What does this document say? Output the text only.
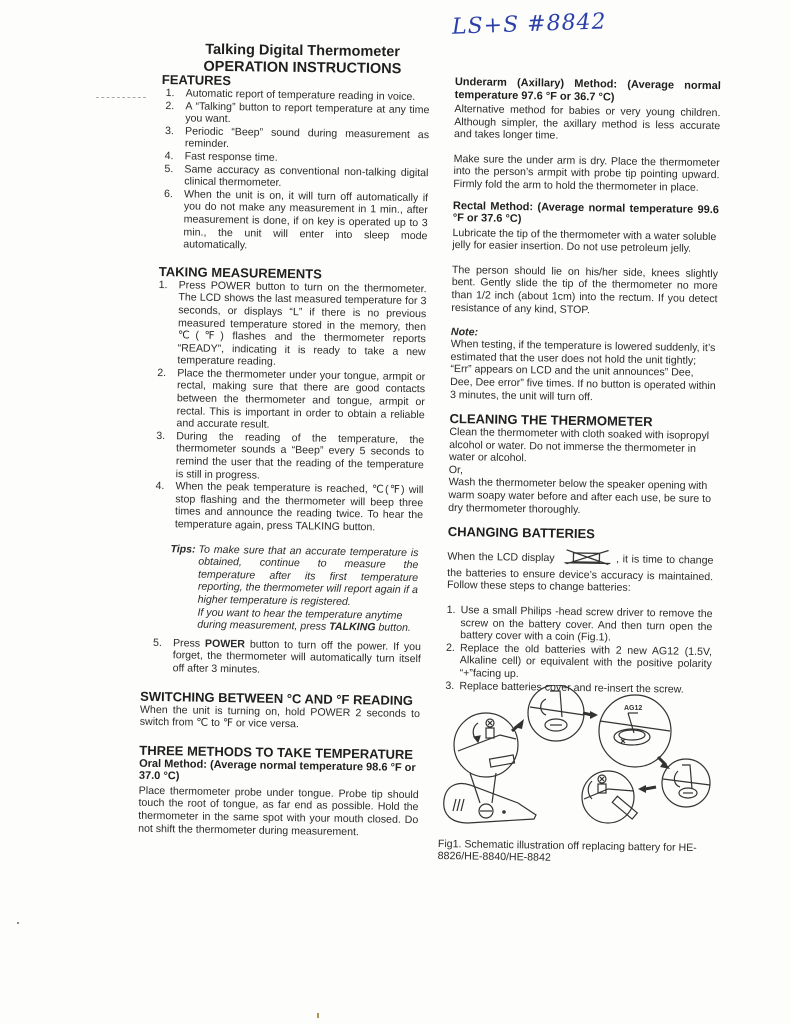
LS+S #8842
Talking Digital Thermometer
OPERATION INSTRUCTIONS
FEATURES
1. Automatic report of temperature reading in voice.
2. A “Talking” button to report temperature at any time you want.
3. Periodic “Beep” sound during measurement as reminder.
4. Fast response time.
5. Same accuracy as conventional non-talking digital clinical thermometer.
6. When the unit is on, it will turn off automatically if you do not make any measurement in 1 min., after measurement is done, if on key is operated up to 3 min., the unit will enter into sleep mode automatically.
TAKING MEASUREMENTS
1. Press POWER button to turn on the thermometer. The LCD shows the last measured temperature for 3 seconds, or displays “L” if there is no previous measured temperature stored in the memory, then ℃(℉) flashes and the thermometer reports “READY”, indicating it is ready to take a new temperature reading.
2. Place the thermometer under your tongue, armpit or rectal, making sure that there are good contacts between the thermometer and tongue, armpit or rectal. This is important in order to obtain a reliable and accurate result.
3. During the reading of the temperature, the thermometer sounds a “Beep” every 5 seconds to remind the user that the reading of the temperature is still in progress.
4. When the peak temperature is reached, ℃(℉) will stop flashing and the thermometer will beep three times and announce the reading twice. To hear the temperature again, press TALKING button.
Tips: To make sure that an accurate temperature is obtained, continue to measure the temperature after its first temperature reporting, the thermometer will report again if a higher temperature is registered.
If you want to hear the temperature anytime during measurement, press TALKING button.
5. Press POWER button to turn off the power. If you forget, the thermometer will automatically turn itself off after 3 minutes.
SWITCHING BETWEEN °C AND °F READING

When the unit is turning on, hold POWER 2 seconds to switch from ℃ to ℉ or vice versa.

THREE METHODS TO TAKE TEMPERATURE
Oral Method: (Average normal temperature 98.6 °F or 37.0 °C)

Place thermometer probe under tongue. Probe tip should touch the root of tongue, as far end as possible. Hold the thermometer in the same spot with your mouth closed. Do not shift the thermometer during measurement.

Underarm (Axillary) Method: (Average normal temperature 97.6 °F or 36.7 °C)

Alternative method for babies or very young children. Although simpler, the axillary method is less accurate and takes longer time.

Make sure the under arm is dry. Place the thermometer into the person’s armpit with probe tip pointing upward. Firmly fold the arm to hold the thermometer in place.

Rectal Method: (Average normal temperature 99.6 °F or 37.6 °C)

Lubricate the tip of the thermometer with a water soluble jelly for easier insertion. Do not use petroleum jelly.

The person should lie on his/her side, knees slightly bent. Gently slide the tip of the thermometer no more than 1/2 inch (about 1cm) into the rectum. If you detect resistance of any kind, STOP.

Note:

When testing, if the temperature is lowered suddenly, it’s estimated that the user does not hold the unit tightly; “Err” appears on LCD and the unit announces” Dee, Dee, Dee error” five times. If no button is operated within 3 minutes, the unit will turn off.

CLEANING THE THERMOMETER

Clean the thermometer with cloth soaked with isopropyl alcohol or water. Do not immerse the thermometer in water or alcohol.

Or,

Wash the thermometer below the speaker opening with warm soapy water before and after each use, be sure to dry thermometer thoroughly.

CHANGING BATTERIES

When the LCD display	, it is time to change the batteries to ensure device’s accuracy is maintained. Follow these steps to change batteries:

1. Use a small Philips -head screw driver to remove the screw on the battery cover. And then turn open the battery cover with a coin (Fig.1).
2. Replace the old batteries with 2 new AG12 (1.5V, Alkaline cell) or equivalent with the positive polarity “+”facing up.
3. Replace batteries cover and re-insert the screw.
AG12
Fig1. Schematic illustration off replacing battery for HE-8826/HE-8840/HE-8842
